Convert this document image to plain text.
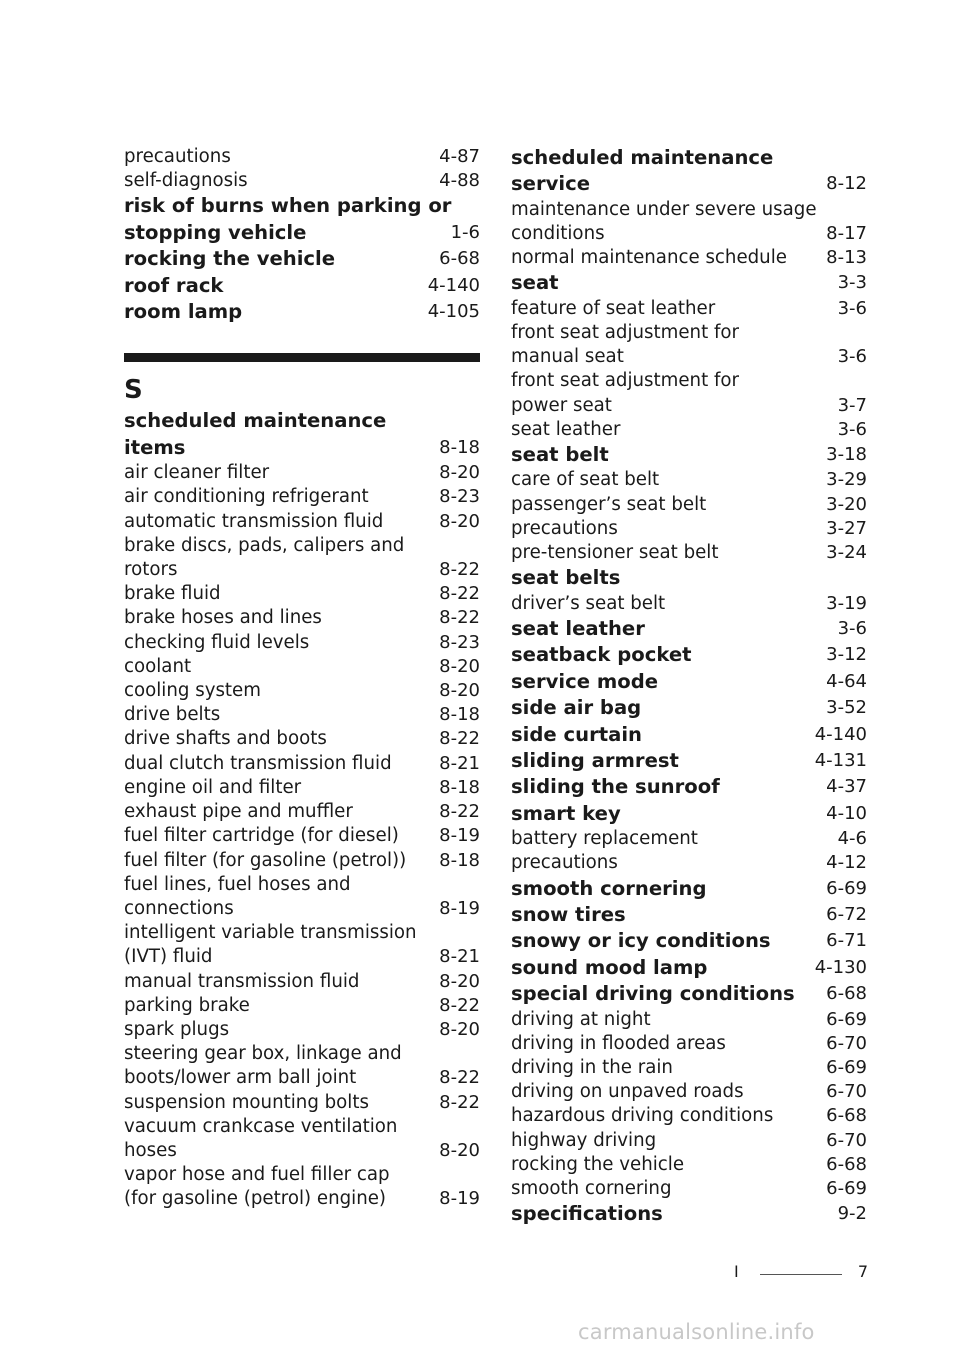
precautions	4-87
self-diagnosis	4-88
risk of burns when parking or
stopping vehicle	1-6
rocking the vehicle	6-68
roof rack	4-140
room lamp	4-105
S
scheduled maintenance
items	8-18
air cleaner filter	8-20
air conditioning refrigerant	8-23
automatic transmission fluid	8-20
brake discs, pads, calipers and
rotors	8-22
brake fluid	8-22
brake hoses and lines	8-22
checking fluid levels	8-23
coolant	8-20
cooling system	8-20
drive belts	8-18
drive shafts and boots	8-22
dual clutch transmission fluid	8-21
engine oil and filter	8-18
exhaust pipe and muffler	8-22
fuel filter cartridge (for diesel)	8-19
fuel filter (for gasoline (petrol))	8-18
fuel lines, fuel hoses and
connections	8-19
intelligent variable transmission
(IVT) fluid	8-21
manual transmission fluid	8-20
parking brake	8-22
spark plugs	8-20
steering gear box, linkage and
boots/lower arm ball joint	8-22
suspension mounting bolts	8-22
vacuum crankcase ventilation
hoses	8-20
vapor hose and fuel filler cap
(for gasoline (petrol) engine)	8-19
scheduled maintenance
service	8-12
maintenance under severe usage
conditions	8-17
normal maintenance schedule	8-13
seat	3-3
feature of seat leather	3-6
front seat adjustment for
manual seat	3-6
front seat adjustment for
power seat	3-7
seat leather	3-6
seat belt	3-18
care of seat belt	3-29
passenger’s seat belt	3-20
precautions	3-27
pre-tensioner seat belt	3-24
seat belts
driver’s seat belt	3-19
seat leather	3-6
seatback pocket	3-12
service mode	4-64
side air bag	3-52
side curtain	4-140
sliding armrest	4-131
sliding the sunroof	4-37
smart key	4-10
battery replacement	4-6
precautions	4-12
smooth cornering	6-69
snow tires	6-72
snowy or icy conditions	6-71
sound mood lamp	4-130
special driving conditions	6-68
driving at night	6-69
driving in flooded areas	6-70
driving in the rain	6-69
driving on unpaved roads	6-70
hazardous driving conditions	6-68
highway driving	6-70
rocking the vehicle	6-68
smooth cornering	6-69
specifications	9-2
I	7
carmanualsonline.info
